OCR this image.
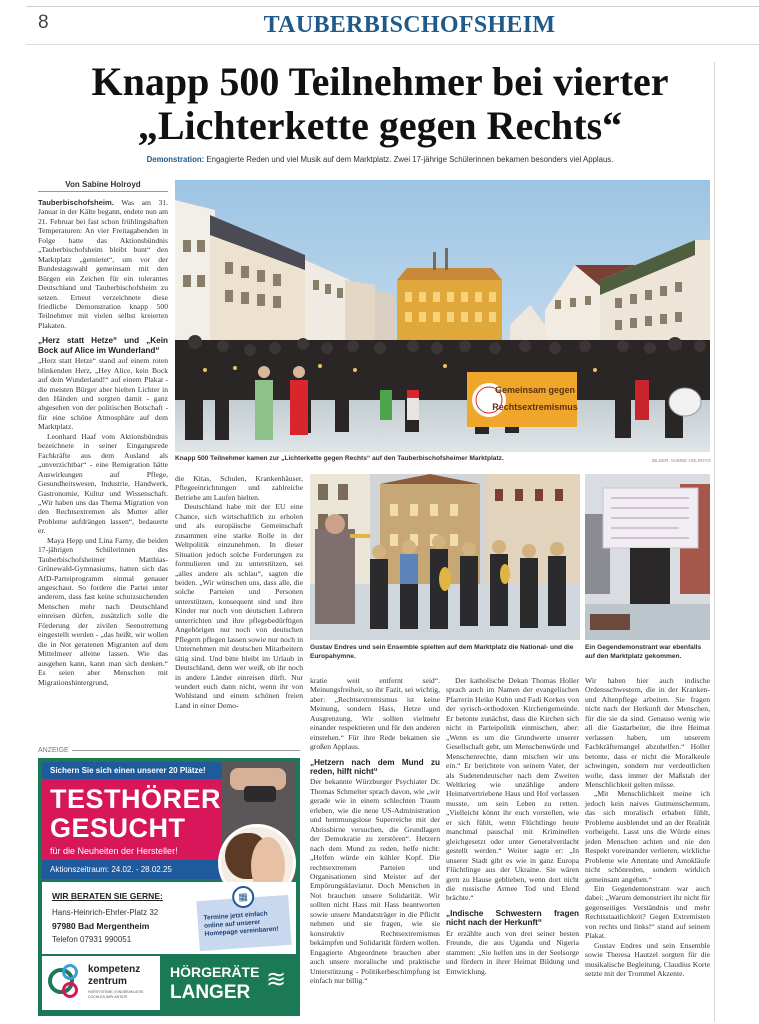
8	TAUBERBISCHOFSHEIM
Knapp 500 Teilnehmer bei vierter
„Lichterkette gegen Rechts“
Demonstration: Engagierte Reden und viel Musik auf dem Marktplatz. Zwei 17-jährige Schülerinnen bekamen besonders viel Applaus.
Von Sabine Holroyd

Tauberbischofsheim. Was am 31. Januar in der Kälte begann, endete nun am 21. Februar bei fast schon frühlingshaften Temperaturen: An vier Freitagabenden in Folge hatte das Aktionsbündnis „Tauberbischofsheim bleibt bunt“ den Marktplatz „gemietet“, um vor der Bundestagswahl gemeinsam mit den Bürgen ein Zeichen für ein tolerantes Deutschland und Tauberbischofsheim zu setzen. Erneut verzeichnete diese friedliche Demonstration knapp 500 Teilnehmer mit vielen selbst kreierten Plakaten.

„Herz statt Hetze“ und „Kein Bock auf Alice im Wunderland“

„Herz statt Hetze“ stand auf einem roten blinkenden Herz, „Hey Alice, kein Bock auf dein Wunderland!“ auf einem Plakat - die meisten Bürger aber hielten Lichter in den Händen und sorgten damit - ganz abgesehen von der politischen Botschaft - für eine schöne Atmosphäre auf dem Marktplatz.

Leonhard Haaf vom Aktionsbündnis bezeichnete in seiner Eingangsrede Fachkräfte aus dem Ausland als „unverzichtbar“ - eine Remigration hätte Auswirkungen auf Pflege, Gesundheitswesen, Industrie, Handwerk, Gastronomie, Kultur und Wissenschaft. „Wir haben uns das Thema Migration von den Rechtsextremen als Mutter aller Probleme aufdrängen lassen“, bedauerte er.

Maya Hepp und Lina Farny, die beiden 17-jährigen Schülerinnen des Tauberbischofsheimer Matthias-Grünewald-Gymnasiums, hatten sich das AfD-Parteiprogramm einmal genauer angeschaut. So fordere die Partei unter anderem, dass fast keine schutzsuchenden Menschen mehr nach Deutschland einreisen dürfen, zusätzlich solle die Förderung der zivilen Seenotrettung eingestellt werden - „das heißt, wir wollen die in Not geratenen Migranten auf dem Mittelmeer alleine lassen. Wie das ausgehen kann, kann man sich denken.“ Es seien aber Menschen mit Migrationshintergrund,

Gemeinsam gegen
Rechtsextremismus
Knapp 500 Teilnehmer kamen zur „Lichterkette gegen Rechts“ auf den Tauberbischofsheimer Marktplatz.	BILDER: SABINE HOLROYD

die Kitas, Schulen, Krankenhäuser, Pflegeeinrichtungen und zahlreiche Betriebe am Laufen hielten.

Deutschland habe mit der EU eine Chance, sich wirtschaftlich zu erholen und als europäische Gemeinschaft zusammen eine starke Rolle in der Weltpolitik einzunehmen. In dieser Situation jedoch solche Forderungen zu formulieren und zu unterstützen, sei „alles andere als schlau“, sagten die beiden. „Wir wünschen uns, dass alle, die solche Parteien und Personen unterstützen, konsequent sind und ihre Kinder nur noch von deutschen Lehrern unterrichten und ihre pflegebedürftigen Angehörigen nur noch von deutschen Pflegern pflegen lassen sowie nur noch in Unternehmen mit deutschen Mitarbeitern tätig sind. Und bitte bleibt im Urlaub in Deutschland, denn wer weiß, ob ihr noch in andere Länder einreisen dürft. Nur wundert euch dann nicht, wenn ihr von Wohlstand und einem schönen freien Land in einer Demo-

Gustav Endres und sein Ensemble spielten auf dem Marktplatz die National- und die Europahymne.
Ein Gegendemonstrant war ebenfalls auf den Marktplatz gekommen.

kratie weit entfernt seid“. Meinungsfreiheit, so ihr Fazit, sei wichtig, aber: „Rechtsextremismus ist keine Meinung, sondern Hass, Hetze und Ausgrenzung. Wir sollten vielmehr einander respektieren und für den anderen einstehen.“ Für ihre Rede bekamen sie großen Applaus.

„Hetzern nach dem Mund zu reden, hilft nicht“

Der bekannte Würzburger Psychiater Dr. Thomas Schmelter sprach davon, wie „wir gerade wie in einem schlechten Traum erleben, wie die neue US-Administration und hemmungslose Superreiche mit der Abrissbirne versuchen, die Grundlagen der Demokratie zu zerstören“. Hetzern nach dem Mund zu reden, helfe nicht: „Helfen würde ein kühler Kopf. Die rechtsextremen Parteien und Organisationen sind Meister auf der Empörungsklaviatur. Doch Menschen in Not brauchen unsere Solidarität. Wir sollten nicht Hass mit Hass beantworten sowie unsere Mandatsträger in die Pflicht nehmen und sie fragen, wie sie konstruktiv Rechtsextremismus bekämpfen und Solidarität fördern wollen. Engagierte Abgeordnete brauchen aber auch unsere moralische und praktische Unterstützung - Politikerbeschimpfung ist einfach nur billig.“

Der katholische Dekan Thomas Holler sprach auch im Namen der evangelischen Pfarrerin Heike Kuhn und Fadi Korkes von der syrisch-orthodoxen Kirchengemeinde. Er betonte zunächst, dass die Kirchen sich nicht in Parteipolitik einmischen, aber: „Wenn es um die Grundwerte unserer Gesellschaft geht, um Menschenwürde und Menschenrechte, dann mischen wir uns ein.“ Er berichtete von seinem Vater, der als Sudetendeutscher nach dem Zweiten Weltkrieg wie unzählige andere Heimatvertriebene Haus und Hof verlassen musste, um sein Leben zu retten. „Vielleicht könnt ihr euch vorstellen, wie er sich fühlt, wenn Flüchtlinge heute manchmal pauschal mit Kriminellen gleichgesetzt oder unter Generalverdacht gestellt werden.“ Weiter sagte er: „In unserer Stadt gibt es wie in ganz Europa Flüchtlinge aus der Ukraine. Sie wären gern zu Hause geblieben, wenn dort nicht die russische Armee Tod und Elend brächte.“

„Indische Schwestern fragen nicht nach der Herkunft“

Er erzählte auch von drei seiner besten Freunde, die aus Uganda und Nigeria stammen: „Sie helfen uns in der Seelsorge und fördern in ihrer Heimat Bildung und Entwicklung.

Wir haben hier auch indische Ordensschwestern, die in der Kranken- und Altenpflege arbeiten. Sie fragen nicht nach der Herkunft der Menschen, für die sie da sind. Genauso wenig wie all die Gastarbeiter, die ihre Heimat verlassen haben, um unserem Fachkräftemangel abzuhelfen.“ Holler betonte, dass er nicht die Moralkeule schwingen, sondern nur verdeutlichen wolle, dass immer der Maßstab der Menschlichkeit gelten müsse.

„Mit Menschlichkeit meine ich jedoch kein naives Gutmenschentum, das sich moralisch erhaben fühlt, Probleme ausblendet und an der Realität vorbeigeht. Lasst uns die Würde eines jeden Menschen achten und nie den Respekt voreinander verlieren, wirkliche Probleme wie Attentate und Amokläufe nicht schönreden, sondern wirklich gemeinsam angehen.“

Ein Gegendemonstrant war auch dabei: „Warum demonstriert ihr nicht für gegenseitiges Verständnis und mehr Rechtsstaatlichkeit? Gegen Extremisten von rechts und links!“ stand auf seinem Plakat.

Gustav Endres und sein Ensemble sowie Theresa Hautzel sorgten für die musikalische Begleitung, Claudius Korte setzte mit der Trommel Akzente.

ANZEIGE
Sichern Sie sich einen unserer 20 Plätze!
TESTHÖRER
GESUCHT
für die Neuheiten der Hersteller!
Aktionszeitraum: 24.02. - 28.02.25
WIR BERATEN SIE GERNE:
Hans-Heinrich-Ehrler-Platz 32
97980 Bad Mergentheim
Telefon 07931 990051
▦
Termine jetzt einfach online auf unserer Homepage vereinbaren!
kompetenz
zentrum
HÖRSYSTEME | KINDERAKUSTIK COCHLEA-IMPLANTATE
HÖRGERÄTE
LANGER ≋
